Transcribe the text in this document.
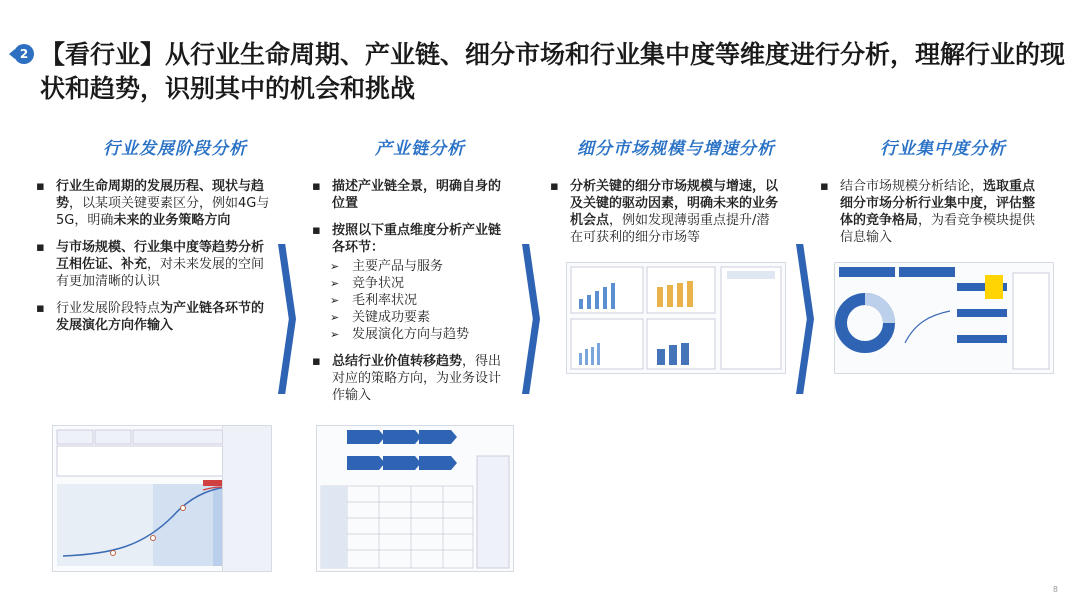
2 【看行业】从行业生命周期、产业链、细分市场和行业集中度等维度进行分析，理解行业的现状和趋势，识别其中的机会和挑战
行业发展阶段分析	产业链分析	细分市场规模与增速分析	行业集中度分析
▪ 行业生命周期的发展历程、现状与趋势，以某项关键要素区分，例如4G与5G，明确未来的业务策略方向
▪ 与市场规模、行业集中度等趋势分析互相佐证、补充，对未来发展的空间有更加清晰的认识
▪ 行业发展阶段特点为产业链各环节的发展演化方向作输入
▪ 描述产业链全景，明确自身的位置
▪ 按照以下重点维度分析产业链各环节：
➢ 主要产品与服务
➢ 竞争状况
➢ 毛利率状况
➢ 关键成功要素
➢ 发展演化方向与趋势
▪ 总结行业价值转移趋势，得出对应的策略方向，为业务设计作输入
▪ 分析关键的细分市场规模与增速，以及关键的驱动因素，明确未来的业务机会点，例如发现薄弱重点提升/潜在可获利的细分市场等
▪ 结合市场规模分析结论，选取重点细分市场分析行业集中度，评估整体的竞争格局，为看竞争模块提供信息输入
8
